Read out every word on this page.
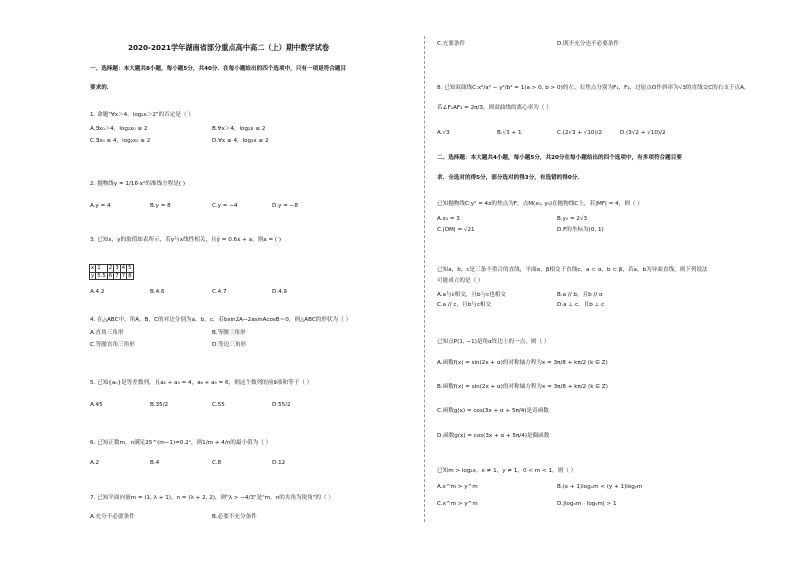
2020-2021学年湖南省部分重点高中高二（上）期中数学试卷
一、选择题：本大题共8小题，每小题5分，共40分．在每小题给出的四个选项中，只有一项是符合题目
要求的．
1. 命题"∀x＞4，log₂x＞2"的否定是（ ）
A.∃x₀＞4，log₂x₀ ≤ 2	B.∀x＞4，log₂x ≤ 2
C.∃x₀ ≤ 4，log₂x₀ ≤ 2	D.∀x ≤ 4，log₂x ≤ 2
2. 抛物线y = 1/16·x²的准线方程是( )
A.y = 4	B.y = 8	C.y = −4	D.y = −8
3. 已知x，y的取值如表所示，若y与x线性相关，且ŷ = 0.6x + a，则a = ( )
x	1	2	3	4	5
y	5.5	6	7	7	8
A.4.2	B.4.6	C.4.7	D.4.9
4. 在△ABC中，角A，B，C的对边分别为a，b，c，若bsin2A−2asinAcosB＝0，则△ABC的形状为（ ）
A.直角三角形	B.等腰三角形
C.等腰直角三角形	D.等边三角形
5. 已知{aₙ}是等差数列，且a₂ + a₅ = 4，a₆ + a₉ = 6，则这个数列的前9项和等于（ ）
A.45	B.35/2	C.55	D.55/2
6. 已知正数m，n满足25^(m−1)=0.2ⁿ，则1/m + 4/n的最小值为（ ）
A.2	B.4	C.8	D.12
7. 已知平面向量m = (1, λ + 1)，n = (λ + 2, 2)，则"λ > −4/3"是"m，n的夹角为锐角"的（ ）
A.充分不必要条件	B.必要不充分条件
C.充要条件	D.既不充分也不必要条件
8. 已知双曲线C:x²/a² − y²/b² = 1(a > 0, b > 0)的左、右焦点分别为F₁，F₂，过原点O作斜率为√3的直线交C的右支于点A，
若∠F₁AF₂ = 2π/3，则双曲线的离心率为（ ）
A.√3	B.√3 + 1	C.(2√3 + √10)/2	D.(3√2 + √10)/2
二、选择题：本大题共4小题，每小题5分，共20分在每小题给出的四个选项中，有多项符合题目要
求．全选对的得5分，部分选对的得3分，有选错的得0分．
已知抛物线C:y² = 4x的焦点为F，点M(x₀, y₀)在抛物线C上，若|MF| = 4，则（ ）
A.x₀ = 3	B.y₀ = 2√3
C.|OM| = √21	D.F的坐标为(0, 1)
已知a，b，c是三条不重合的直线，平面α，β相交于直线c，a ⊂ α，b ⊂ β，若a，b为异面直线，则下列说法
可能成立的是（ ）
A.a与c相交，且b与c也相交	B.a // b，且b // α
C.a // c，且b与c相交	D.a ⊥ c，且b ⊥ c
已知点P(1, −1)是角α终边上的一点，则（ ）
A.函数f(x) = sin(2x + α)的对称轴方程为x = 3π/8 + kπ/2 (k ∈ Z)
B.函数f(x) = sin(2x + α)的对称轴方程为x = 3π/8 + kπ/2 (k ∈ Z)
C.函数g(x) = cos(3x + α + 5π/4)是奇函数
D.函数g(x) = cos(3x + α + 5π/4)是偶函数
已知m > log₂x，x ≠ 1，y ≠ 1，0 < m < 1，则（ ）
A.x^m > y^m	B.(x + 1)logₓm < (y + 1)logᵧm
C.x^m > y^m	D.|logₓm · logᵧm| > 1
